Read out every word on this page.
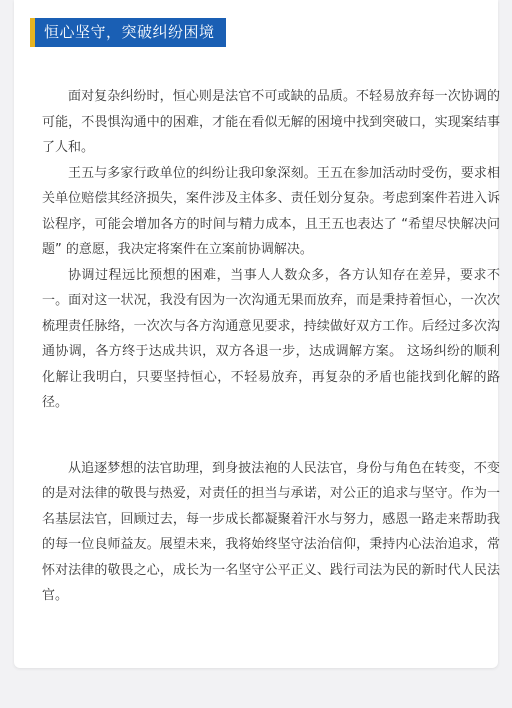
恒心坚守，突破纠纷困境

面对复杂纠纷时，恒心则是法官不可或缺的品质。不轻易放弃每一次协调的可能，不畏惧沟通中的困难，才能在看似无解的困境中找到突破口，实现案结事了人和。

王五与多家行政单位的纠纷让我印象深刻。王五在参加活动时受伤，要求相关单位赔偿其经济损失，案件涉及主体多、责任划分复杂。考虑到案件若进入诉讼程序，可能会增加各方的时间与精力成本，且王五也表达了 “希望尽快解决问题” 的意愿，我决定将案件在立案前协调解决。

协调过程远比预想的困难，当事人人数众多，各方认知存在差异，要求不一。面对这一状况，我没有因为一次沟通无果而放弃，而是秉持着恒心，一次次梳理责任脉络，一次次与各方沟通意见要求，持续做好双方工作。后经过多次沟通协调，各方终于达成共识，双方各退一步，达成调解方案。 这场纠纷的顺利化解让我明白，只要坚持恒心，不轻易放弃，再复杂的矛盾也能找到化解的路径。

从追逐梦想的法官助理，到身披法袍的人民法官，身份与角色在转变，不变的是对法律的敬畏与热爱，对责任的担当与承诺，对公正的追求与坚守。作为一名基层法官，回顾过去，每一步成长都凝聚着汗水与努力，感恩一路走来帮助我的每一位良师益友。展望未来，我将始终坚守法治信仰，秉持内心法治追求，常怀对法律的敬畏之心，成长为一名坚守公平正义、践行司法为民的新时代人民法官。
